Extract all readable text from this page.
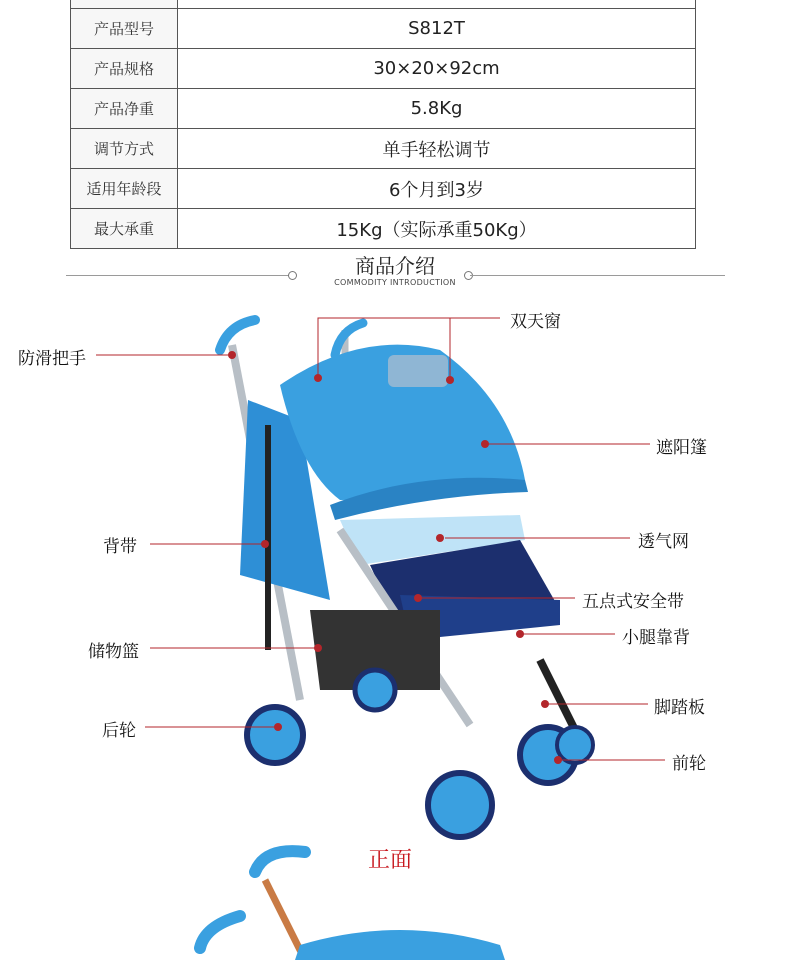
产品型号	S812T
产品规格	30×20×92cm
产品净重	5.8Kg
调节方式	单手轻松调节
适用年龄段	6个月到3岁
最大承重	15Kg（实际承重50Kg）
商品介绍
COMMODITY INTRODUCTION
双天窗
防滑把手
遮阳篷
背带	透气网
五点式安全带
小腿靠背
储物篮
脚踏板
后轮
前轮
正面
